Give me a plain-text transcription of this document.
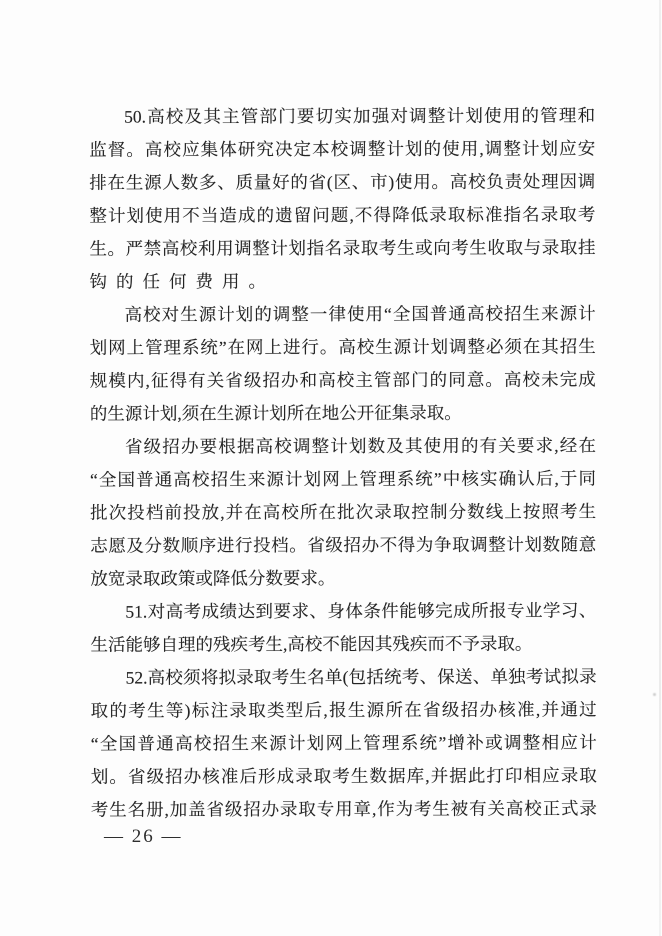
50.高校及其主管部门要切实加强对调整计划使用的管理和
监督。高校应集体研究决定本校调整计划的使用,调整计划应安
排在生源人数多、质量好的省(区、市)使用。高校负责处理因调
整计划使用不当造成的遗留问题,不得降低录取标准指名录取考
生。严禁高校利用调整计划指名录取考生或向考生收取与录取挂
钩的任何费用。
高校对生源计划的调整一律使用“全国普通高校招生来源计
划网上管理系统”在网上进行。高校生源计划调整必须在其招生
规模内,征得有关省级招办和高校主管部门的同意。高校未完成
的生源计划,须在生源计划所在地公开征集录取。
省级招办要根据高校调整计划数及其使用的有关要求,经在
“全国普通高校招生来源计划网上管理系统”中核实确认后,于同
批次投档前投放,并在高校所在批次录取控制分数线上按照考生
志愿及分数顺序进行投档。省级招办不得为争取调整计划数随意
放宽录取政策或降低分数要求。
51.对高考成绩达到要求、身体条件能够完成所报专业学习、
生活能够自理的残疾考生,高校不能因其残疾而不予录取。
52.高校须将拟录取考生名单(包括统考、保送、单独考试拟录
取的考生等)标注录取类型后,报生源所在省级招办核准,并通过
“全国普通高校招生来源计划网上管理系统”增补或调整相应计
划。省级招办核准后形成录取考生数据库,并据此打印相应录取
考生名册,加盖省级招办录取专用章,作为考生被有关高校正式录
— 26 —
